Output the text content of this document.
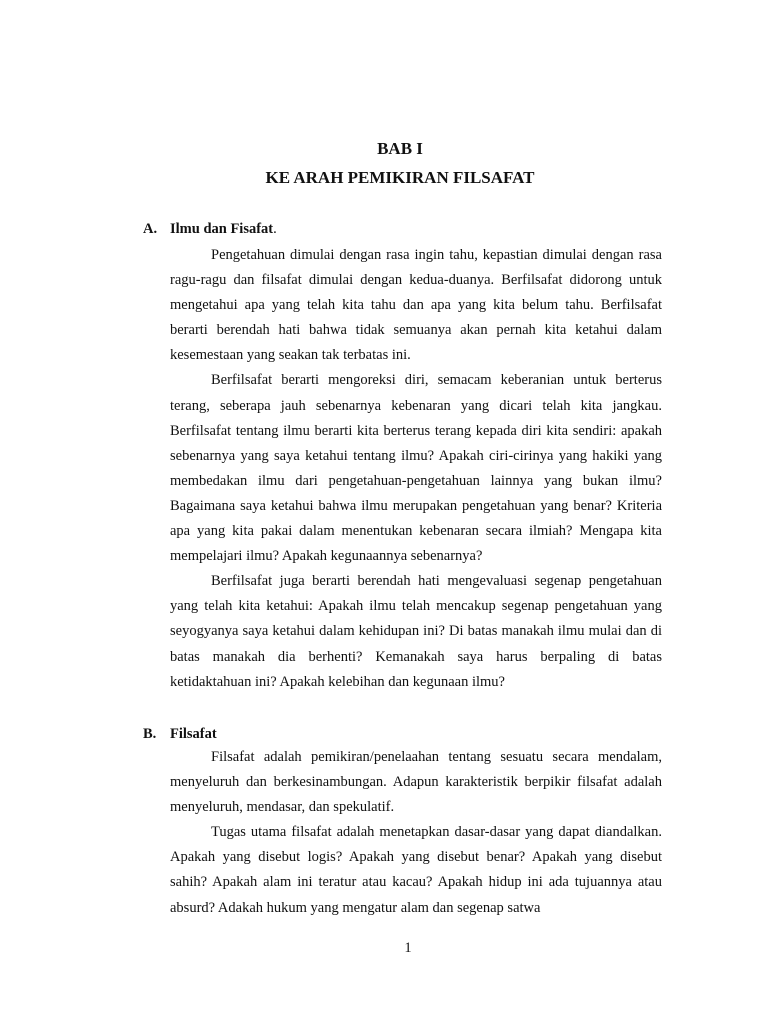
BAB I
KE ARAH PEMIKIRAN FILSAFAT
A. Ilmu dan Fisafat.

Pengetahuan dimulai dengan rasa ingin tahu, kepastian dimulai dengan rasa ragu-ragu dan filsafat dimulai dengan kedua-duanya. Berfilsafat didorong untuk mengetahui apa yang telah kita tahu dan apa yang kita belum tahu. Berfilsafat berarti berendah hati bahwa tidak semuanya akan pernah kita ketahui dalam kesemestaan yang seakan tak terbatas ini.

Berfilsafat berarti mengoreksi diri, semacam keberanian untuk berterus terang, seberapa jauh sebenarnya kebenaran yang dicari telah kita jangkau. Berfilsafat tentang ilmu berarti kita berterus terang kepada diri kita sendiri: apakah sebenarnya yang saya ketahui tentang ilmu? Apakah ciri-cirinya yang hakiki yang membedakan ilmu dari pengetahuan-pengetahuan lainnya yang bukan ilmu? Bagaimana saya ketahui bahwa ilmu merupakan pengetahuan yang benar? Kriteria apa yang kita pakai dalam menentukan kebenaran secara ilmiah? Mengapa kita mempelajari ilmu? Apakah kegunaannya sebenarnya?

Berfilsafat juga berarti berendah hati mengevaluasi segenap pengetahuan yang telah kita ketahui: Apakah ilmu telah mencakup segenap pengetahuan yang seyogyanya saya ketahui dalam kehidupan ini? Di batas manakah ilmu mulai dan di batas manakah dia berhenti? Kemanakah saya harus berpaling di batas ketidaktahuan ini? Apakah kelebihan dan kegunaan ilmu?

B. Filsafat

Filsafat adalah pemikiran/penelaahan tentang sesuatu secara mendalam, menyeluruh dan berkesinambungan. Adapun karakteristik berpikir filsafat adalah menyeluruh, mendasar, dan spekulatif.

Tugas utama filsafat adalah menetapkan dasar-dasar yang dapat diandalkan. Apakah yang disebut logis? Apakah yang disebut benar? Apakah yang disebut sahih? Apakah alam ini teratur atau kacau? Apakah hidup ini ada tujuannya atau absurd? Adakah hukum yang mengatur alam dan segenap satwa

1
